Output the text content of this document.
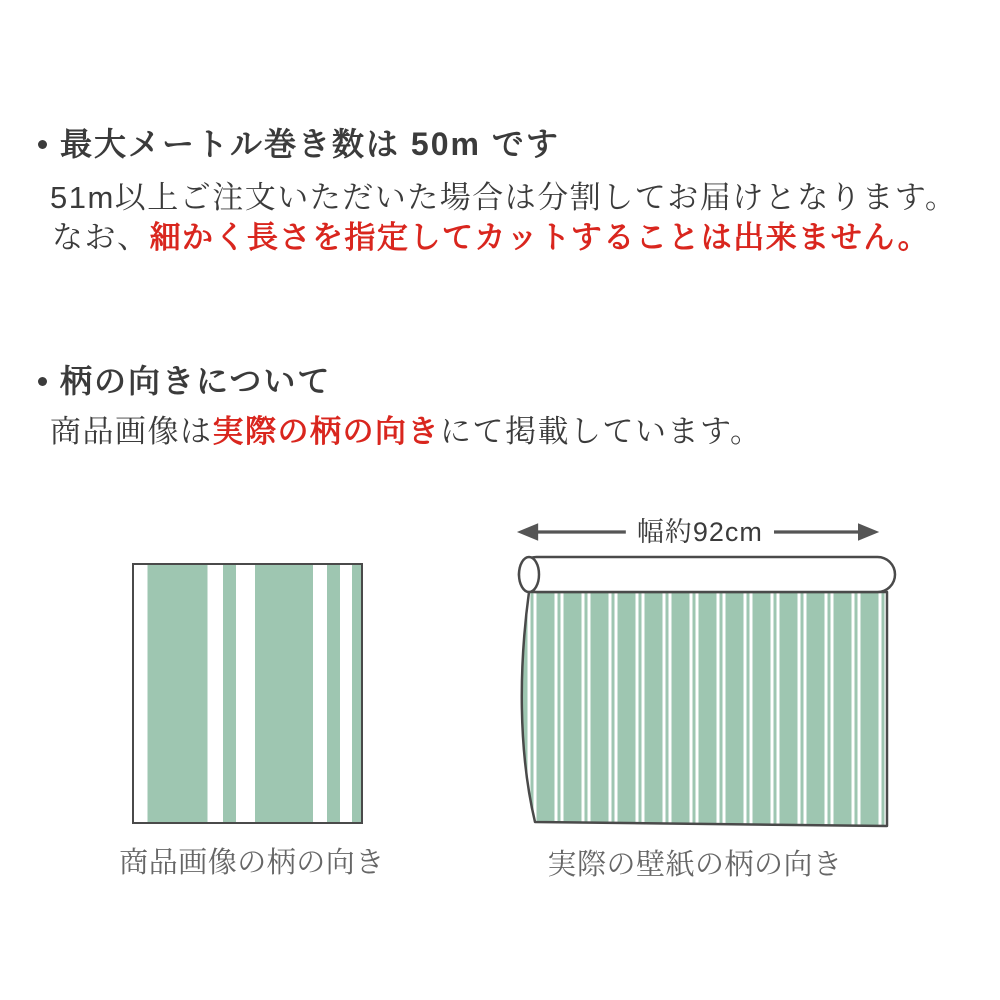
最大メートル巻き数は 50m です

51m以上ご注文いただいた場合は分割してお届けとなります。

なお、細かく長さを指定してカットすることは出来ません。

柄の向きについて

商品画像は実際の柄の向きにて掲載しています。

商品画像の柄の向き

幅約92cm

実際の壁紙の柄の向き
